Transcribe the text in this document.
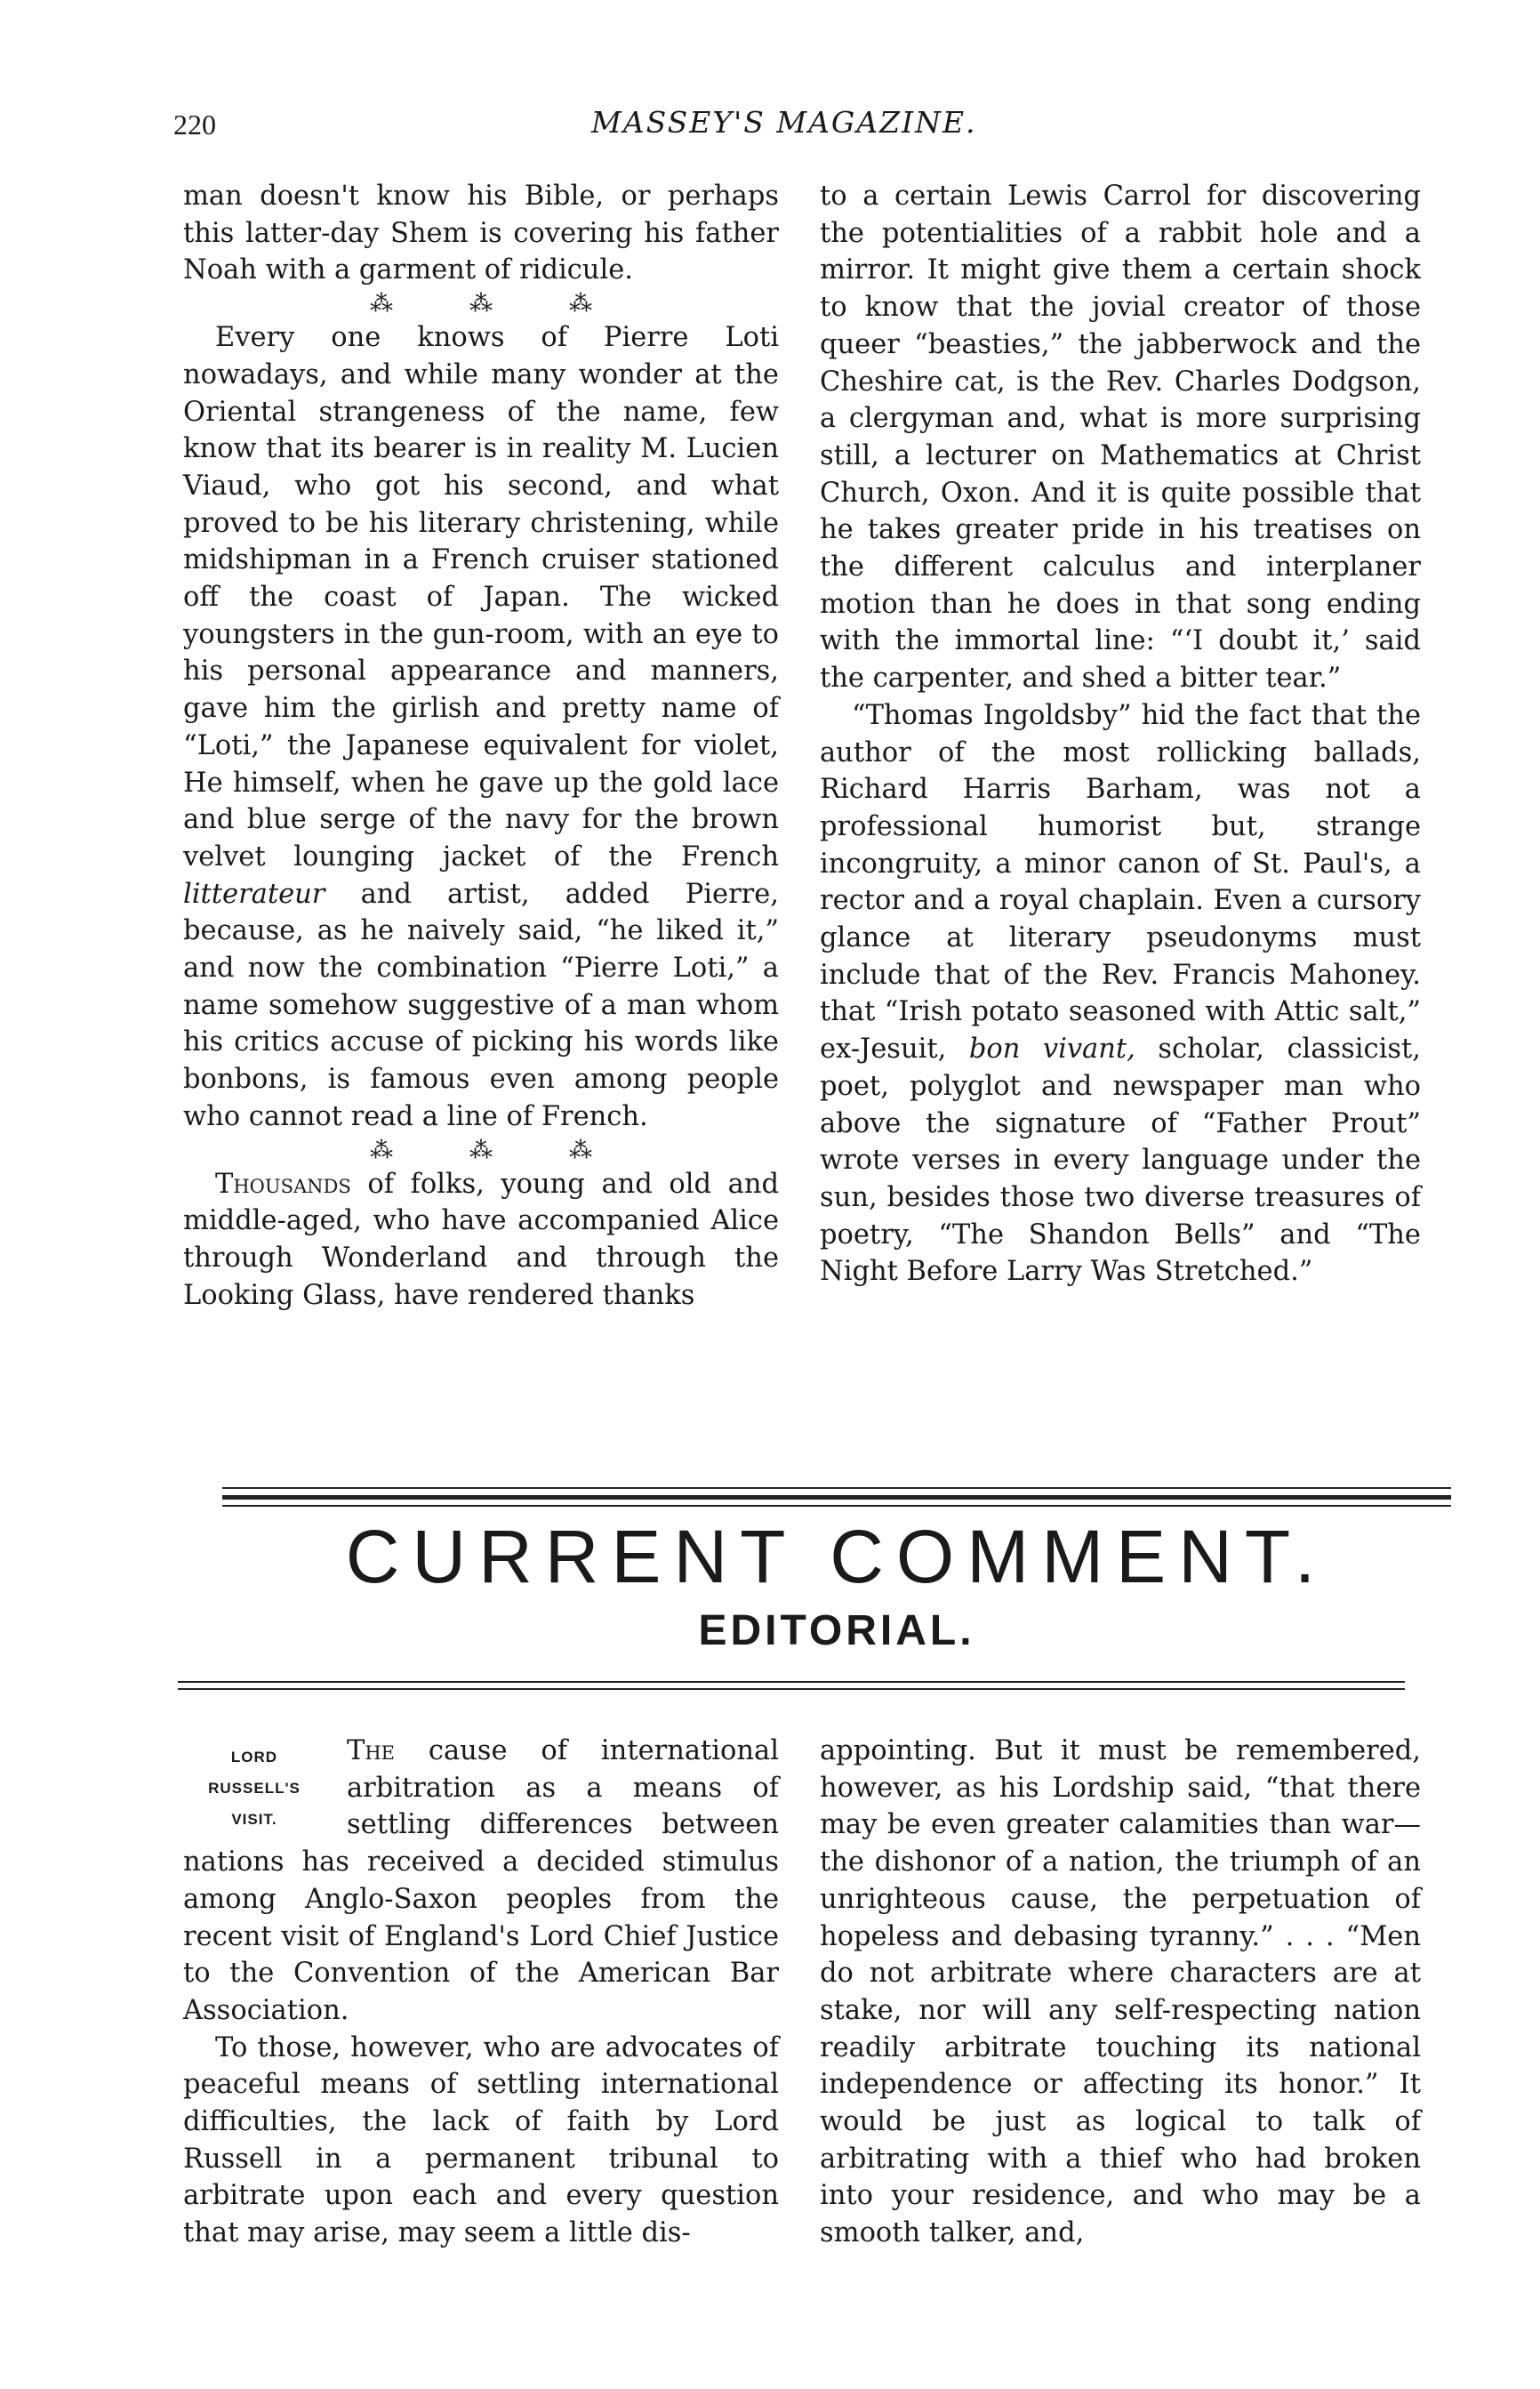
220	MASSEY'S MAGAZINE.

man doesn't know his Bible, or perhaps this latter-day Shem is covering his father Noah with a garment of ridicule.

⁂	⁂	⁂

Every one knows of Pierre Loti nowadays, and while many wonder at the Oriental strangeness of the name, few know that its bearer is in reality M. Lucien Viaud, who got his second, and what proved to be his literary christening, while midshipman in a French cruiser stationed off the coast of Japan. The wicked youngsters in the gun-room, with an eye to his personal appearance and manners, gave him the girlish and pretty name of “Loti,” the Japanese equivalent for violet, He himself, when he gave up the gold lace and blue serge of the navy for the brown velvet lounging jacket of the French litterateur and artist, added Pierre, because, as he naively said, “he liked it,” and now the combination “Pierre Loti,” a name somehow suggestive of a man whom his critics accuse of picking his words like bonbons, is famous even among people who cannot read a line of French.

⁂	⁂	⁂

Thousands of folks, young and old and middle-aged, who have accompanied Alice through Wonderland and through the Looking Glass, have rendered thanks

to a certain Lewis Carrol for discovering the potentialities of a rabbit hole and a mirror. It might give them a certain shock to know that the jovial creator of those queer “beasties,” the jabberwock and the Cheshire cat, is the Rev. Charles Dodgson, a clergyman and, what is more surprising still, a lecturer on Mathematics at Christ Church, Oxon. And it is quite possible that he takes greater pride in his treatises on the different calculus and interplaner motion than he does in that song ending with the immortal line: “‘I doubt it,’ said the carpenter, and shed a bitter tear.”

“Thomas Ingoldsby” hid the fact that the author of the most rollicking ballads, Richard Harris Barham, was not a professional humorist but, strange incongruity, a minor canon of St. Paul's, a rector and a royal chaplain. Even a cursory glance at literary pseudonyms must include that of the Rev. Francis Mahoney. that “Irish potato seasoned with Attic salt,” ex-Jesuit, bon vivant, scholar, classicist, poet, polyglot and newspaper man who above the signature of “Father Prout” wrote verses in every language under the sun, besides those two diverse treasures of poetry, “The Shandon Bells” and “The Night Before Larry Was Stretched.”

CURRENT COMMENT.
EDITORIAL.
LORD
RUSSELL'S
VISIT.

The cause of international arbitration as a means of settling differences between nations has received a decided stimulus among Anglo-Saxon peoples from the recent visit of England's Lord Chief Justice to the Convention of the American Bar Association.

To those, however, who are advocates of peaceful means of settling international difficulties, the lack of faith by Lord Russell in a permanent tribunal to arbitrate upon each and every question that may arise, may seem a little dis-

appointing. But it must be remembered, however, as his Lordship said, “that there may be even greater calamities than war—the dishonor of a nation, the triumph of an unrighteous cause, the perpetuation of hopeless and debasing tyranny.” . . . “Men do not arbitrate where characters are at stake, nor will any self-respecting nation readily arbitrate touching its national independence or affecting its honor.” It would be just as logical to talk of arbitrating with a thief who had broken into your residence, and who may be a smooth talker, and,
